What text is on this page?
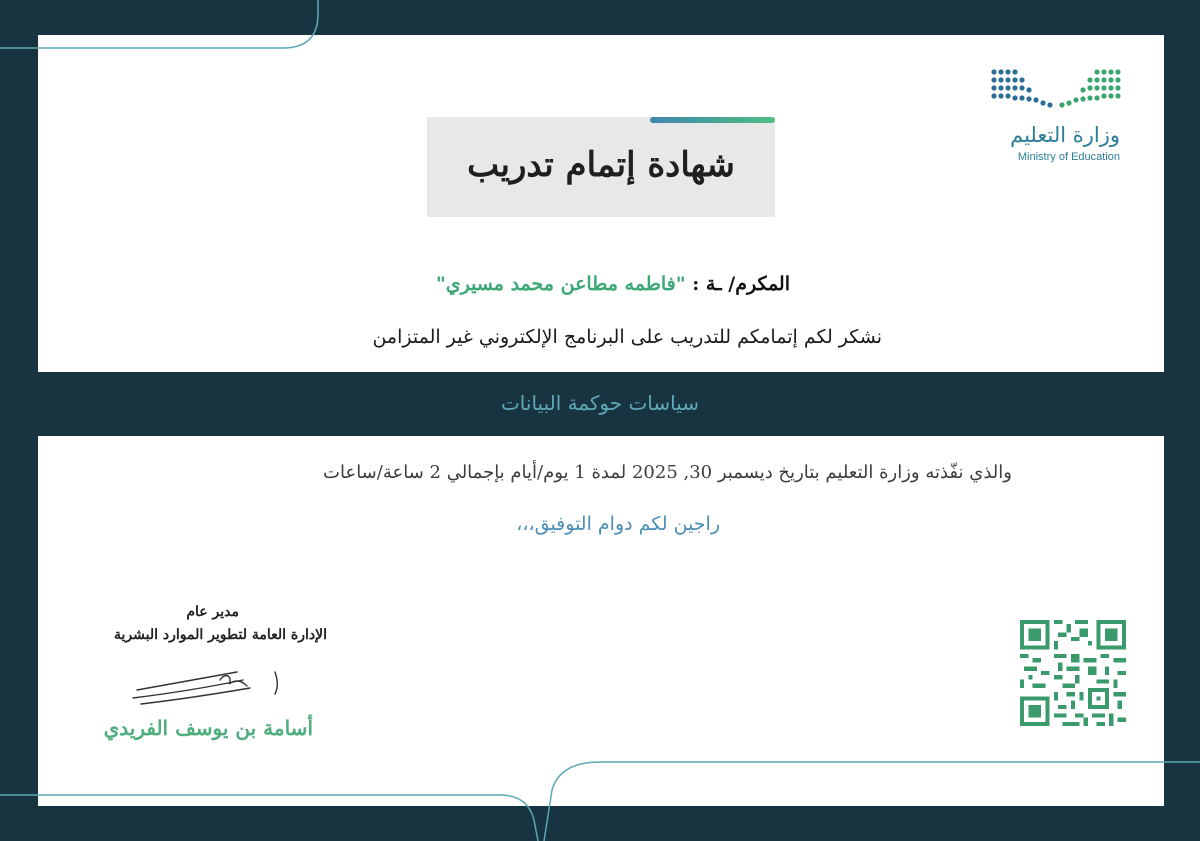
وزارة التعليم
Ministry of Education
شهادة إتمام تدريب
المكرم/ ـة : "فاطمه مطاعن محمد مسيري"
نشكر لكم إتمامكم للتدريب على البرنامج الإلكتروني غير المتزامن
سياسات حوكمة البيانات
والذي نفّذته وزارة التعليم بتاريخ ديسمبر 30, 2025 لمدة 1 يوم/أيام بإجمالي 2 ساعة/ساعات
راجين لكم دوام التوفيق،،،
مدير عام
الإدارة العامة لتطوير الموارد البشرية
أسامة بن يوسف الفريدي
